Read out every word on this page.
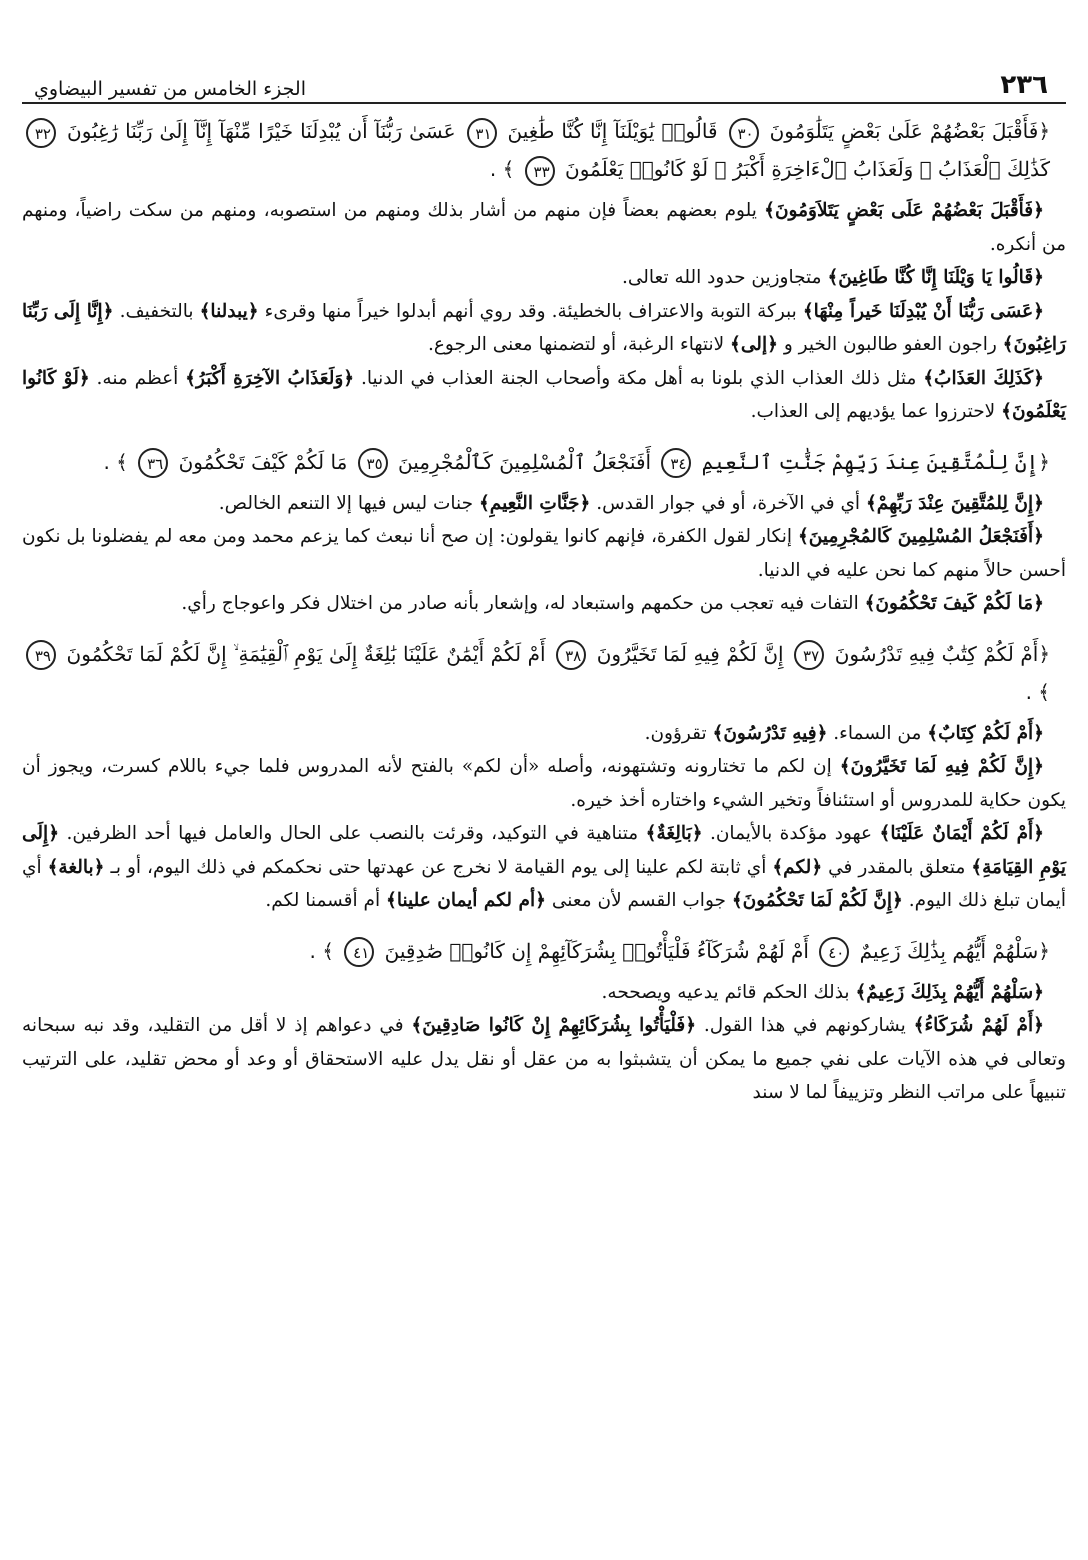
٢٣٦
الجزء الخامس من تفسير البيضاوي

﴿فَأَقْبَلَ بَعْضُهُمْ عَلَىٰ بَعْضٍ يَتَلَٰوَمُونَ ٣٠ قَالُوا۟ يَٰوَيْلَنَآ إِنَّا كُنَّا طَٰغِينَ ٣١ عَسَىٰ رَبُّنَآ أَن يُبْدِلَنَا خَيْرًا مِّنْهَآ إِنَّآ إِلَىٰ رَبِّنَا رَٰغِبُونَ ٣٢ كَذَٰلِكَ ٱلْعَذَابُ ۖ وَلَعَذَابُ ٱلْءَاخِرَةِ أَكْبَرُ ۚ لَوْ كَانُوا۟ يَعْلَمُونَ ٣٣ ﴾ .

﴿فَأَقْبَلَ بَعْضُهُمْ عَلَى بَعْضٍ يَتَلاَوَمُونَ﴾ يلوم بعضهم بعضاً فإن منهم من أشار بذلك ومنهم من استصوبه، ومنهم من سكت راضياً، ومنهم من أنكره.

﴿قَالُوا يَا وَيْلَنَا إِنَّا كُنَّا طَاغِينَ﴾ متجاوزين حدود الله تعالى.

﴿عَسَى رَبُّنَا أَنْ يُبْدِلَنَا خَيراً مِنْهَا﴾ ببركة التوبة والاعتراف بالخطيئة. وقد روي أنهم أبدلوا خيراً منها وقرىء ﴿يبدلنا﴾ بالتخفيف. ﴿إِنَّا إِلَى رَبِّنَا رَاغِبُونَ﴾ راجون العفو طالبون الخير و ﴿إلى﴾ لانتهاء الرغبة، أو لتضمنها معنى الرجوع.

﴿كَذَلِكَ العَذَابُ﴾ مثل ذلك العذاب الذي بلونا به أهل مكة وأصحاب الجنة العذاب في الدنيا. ﴿وَلَعَذَابُ الآخِرَةِ أَكْبَرُ﴾ أعظم منه. ﴿لَوْ كَانُوا يَعْلَمُونَ﴾ لاحترزوا عما يؤديهم إلى العذاب.

﴿إِنَّ لِلْمُتَّقِينَ عِندَ رَبِّهِمْ جَنَّٰتِ ٱلنَّعِيمِ ٣٤ أَفَنَجْعَلُ ٱلْمُسْلِمِينَ كَٱلْمُجْرِمِينَ ٣٥ مَا لَكُمْ كَيْفَ تَحْكُمُونَ ٣٦ ﴾ .

﴿إِنَّ لِلمُتَّقِينَ عِنْدَ رَبِّهِمْ﴾ أي في الآخرة، أو في جوار القدس. ﴿جَنَّاتِ النَّعِيمِ﴾ جنات ليس فيها إلا التنعم الخالص.

﴿أَفَنَجْعَلُ المُسْلِمِينَ كَالمُجْرِمِينَ﴾ إنكار لقول الكفرة، فإنهم كانوا يقولون: إن صح أنا نبعث كما يزعم محمد ومن معه لم يفضلونا بل نكون أحسن حالاً منهم كما نحن عليه في الدنيا.

﴿مَا لَكُمْ كَيفَ تَحْكُمُونَ﴾ التفات فيه تعجب من حكمهم واستبعاد له، وإشعار بأنه صادر من اختلال فكر واعوجاج رأي.

﴿أَمْ لَكُمْ كِتَٰبٌ فِيهِ تَدْرُسُونَ ٣٧ إِنَّ لَكُمْ فِيهِ لَمَا تَخَيَّرُونَ ٣٨ أَمْ لَكُمْ أَيْمَٰنٌ عَلَيْنَا بَٰلِغَةٌ إِلَىٰ يَوْمِ ٱلْقِيَٰمَةِ ۙ إِنَّ لَكُمْ لَمَا تَحْكُمُونَ ٣٩ ﴾ .

﴿أَمْ لَكُمْ كِتَابٌ﴾ من السماء. ﴿فِيهِ تَدْرُسُونَ﴾ تقرؤون.

﴿إِنَّ لَكُمْ فِيهِ لَمَا تَخَيَّرُونَ﴾ إن لكم ما تختارونه وتشتهونه، وأصله «أن لكم» بالفتح لأنه المدروس فلما جيء باللام كسرت، ويجوز أن يكون حكاية للمدروس أو استئنافاً وتخير الشيء واختاره أخذ خيره.

﴿أَمْ لَكُمْ أَيْمَانٌ عَلَيْنَا﴾ عهود مؤكدة بالأيمان. ﴿بَالِغَةٌ﴾ متناهية في التوكيد، وقرئت بالنصب على الحال والعامل فيها أحد الظرفين. ﴿إِلَى يَوْمِ القِيَامَةِ﴾ متعلق بالمقدر في ﴿لكم﴾ أي ثابتة لكم علينا إلى يوم القيامة لا نخرج عن عهدتها حتى نحكمكم في ذلك اليوم، أو بـ ﴿بالغة﴾ أي أيمان تبلغ ذلك اليوم. ﴿إِنَّ لَكُمْ لَمَا تَحْكُمُونَ﴾ جواب القسم لأن معنى ﴿أم لكم أيمان علينا﴾ أم أقسمنا لكم.

﴿سَلْهُمْ أَيُّهُم بِذَٰلِكَ زَعِيمٌ ٤٠ أَمْ لَهُمْ شُرَكَآءُ فَلْيَأْتُوا۟ بِشُرَكَآئِهِمْ إِن كَانُوا۟ صَٰدِقِينَ ٤١ ﴾ .

﴿سَلْهُمْ أَيُّهُمْ بِذَلِكَ زَعِيمٌ﴾ بذلك الحكم قائم يدعيه ويصححه.

﴿أَمْ لَهُمْ شُرَكَاءُ﴾ يشاركونهم في هذا القول. ﴿فَلْيَأْتُوا بِشُرَكَائِهِمْ إِنْ كَانُوا صَادِقِينَ﴾ في دعواهم إذ لا أقل من التقليد، وقد نبه سبحانه وتعالى في هذه الآيات على نفي جميع ما يمكن أن يتشبثوا به من عقل أو نقل يدل عليه الاستحقاق أو وعد أو محض تقليد، على الترتيب تنبيهاً على مراتب النظر وتزييفاً لما لا سند
